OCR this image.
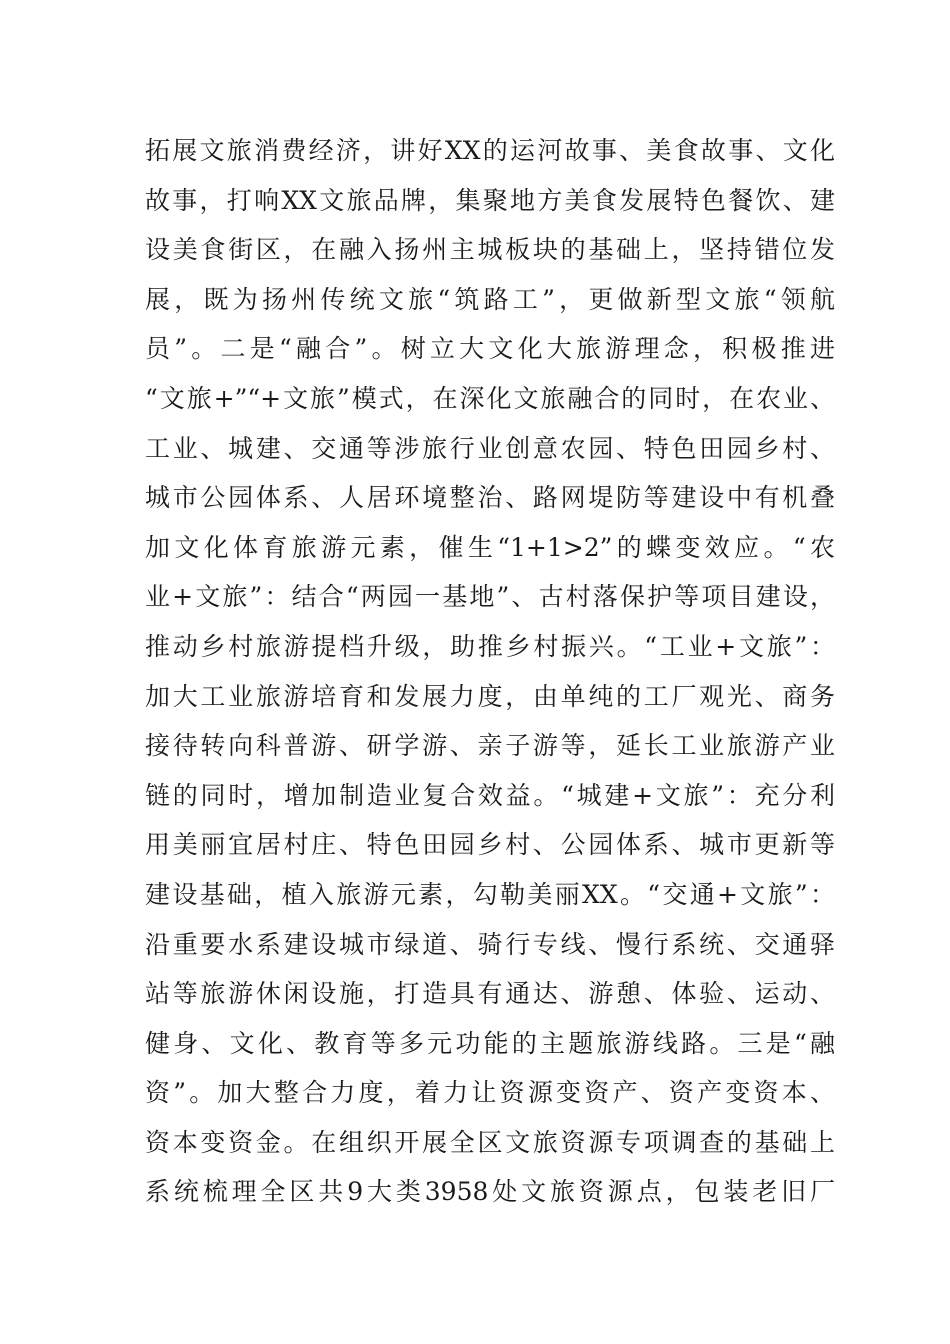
拓展文旅消费经济，讲好XX的运河故事、美食故事、文化
故事，打响XX文旅品牌，集聚地方美食发展特色餐饮、建
设美食街区，在融入扬州主城板块的基础上，坚持错位发
展，既为扬州传统文旅“筑路工”，更做新型文旅“领航
员”。二是“融合”。树立大文化大旅游理念，积极推进
“文旅+”“+文旅”模式，在深化文旅融合的同时，在农业、
工业、城建、交通等涉旅行业创意农园、特色田园乡村、
城市公园体系、人居环境整治、路网堤防等建设中有机叠
加文化体育旅游元素，催生“1+1>2”的蝶变效应。“农
业+文旅”：结合“两园一基地”、古村落保护等项目建设，
推动乡村旅游提档升级，助推乡村振兴。“工业+文旅”：
加大工业旅游培育和发展力度，由单纯的工厂观光、商务
接待转向科普游、研学游、亲子游等，延长工业旅游产业
链的同时，增加制造业复合效益。“城建+文旅”：充分利
用美丽宜居村庄、特色田园乡村、公园体系、城市更新等
建设基础，植入旅游元素，勾勒美丽XX。“交通+文旅”：
沿重要水系建设城市绿道、骑行专线、慢行系统、交通驿
站等旅游休闲设施，打造具有通达、游憩、体验、运动、
健身、文化、教育等多元功能的主题旅游线路。三是“融
资”。加大整合力度，着力让资源变资产、资产变资本、
资本变资金。在组织开展全区文旅资源专项调查的基础上
系统梳理全区共9大类3958处文旅资源点，包装老旧厂
